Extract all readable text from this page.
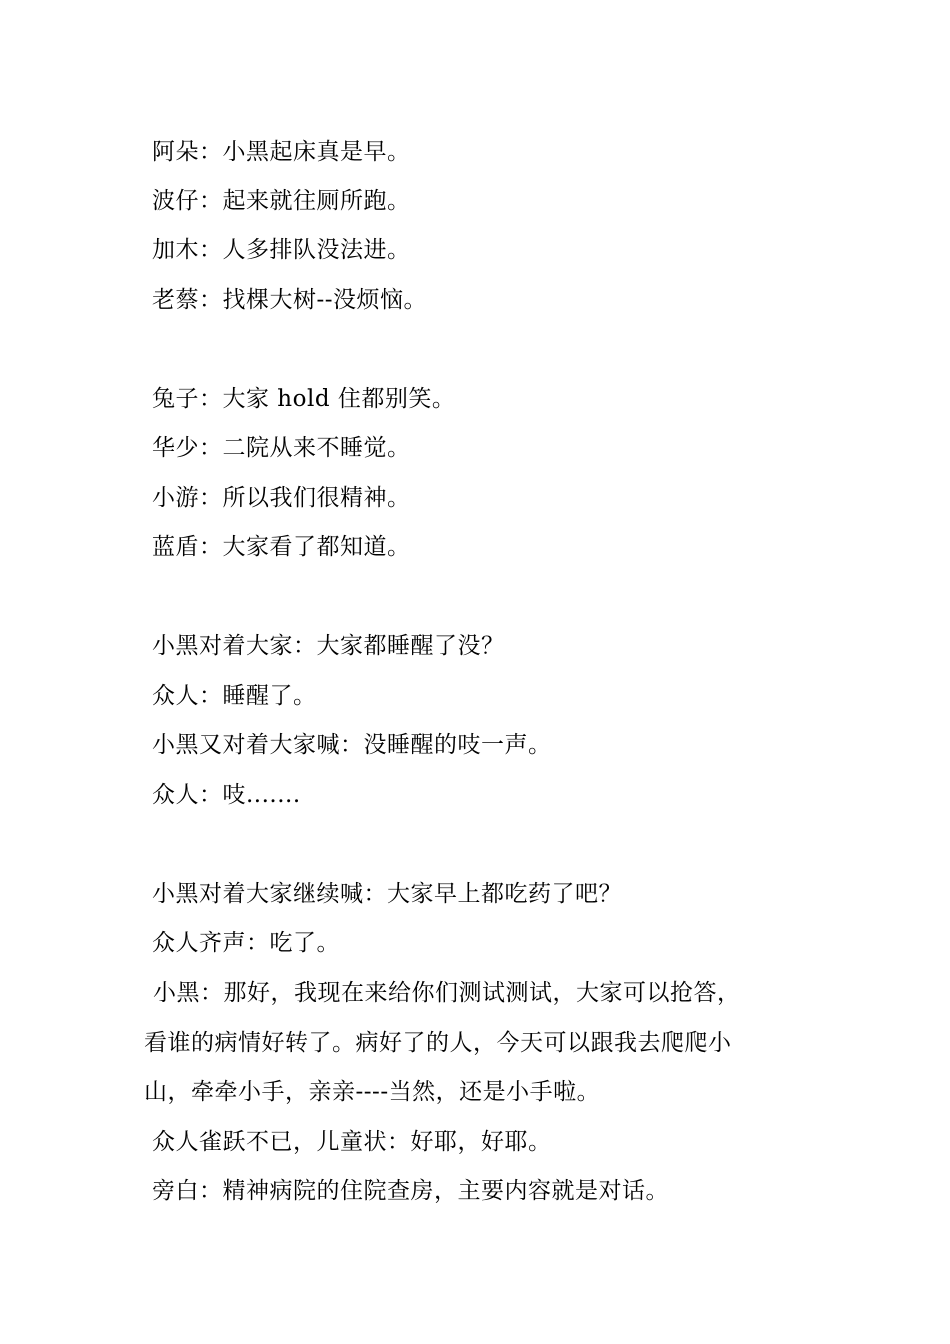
阿朵：小黑起床真是早。
波仔：起来就往厕所跑。
加木：人多排队没法进。
老蔡：找棵大树--没烦恼。
兔子：大家 hold 住都别笑。
华少：二院从来不睡觉。
小游：所以我们很精神。
蓝盾：大家看了都知道。
小黑对着大家：大家都睡醒了没？
众人：睡醒了。
小黑又对着大家喊：没睡醒的吱一声。
众人：吱.......
小黑对着大家继续喊：大家早上都吃药了吧？
众人齐声：吃了。
小黑：那好，我现在来给你们测试测试，大家可以抢答，
看谁的病情好转了。病好了的人，今天可以跟我去爬爬小
山，牵牵小手，亲亲----当然，还是小手啦。
众人雀跃不已，儿童状：好耶，好耶。
旁白：精神病院的住院查房，主要内容就是对话。
